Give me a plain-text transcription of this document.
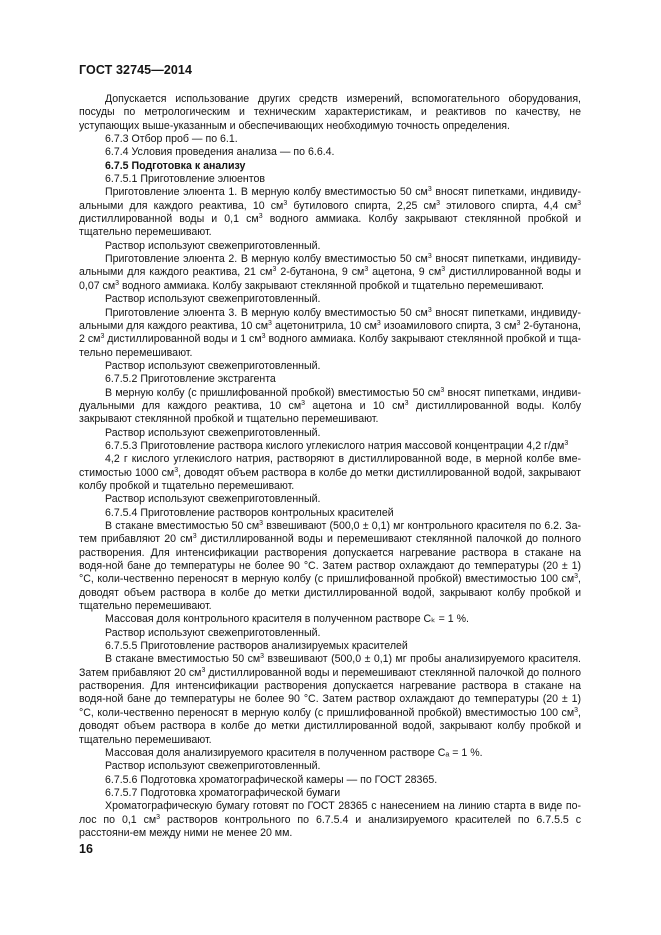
ГОСТ 32745—2014

Допускается использование других средств измерений, вспомогательного оборудования, посуды по метрологическим и техническим характеристикам, и реактивов по качеству, не уступающих выше-указанным и обеспечивающих необходимую точность определения.

6.7.3 Отбор проб — по 6.1.

6.7.4 Условия проведения анализа — по 6.6.4.

6.7.5 Подготовка к анализу

6.7.5.1 Приготовление элюентов

Приготовление элюента 1. В мерную колбу вместимостью 50 $см^3$ вносят пипетками, индивиду-альными для каждого реактива, 10 $см^3$ бутилового спирта, 2,25 $см^3$ этилового спирта, 4,4 $см^3$ дистиллированной воды и 0,1 $см^3$ водного аммиака. Колбу закрывают стеклянной пробкой и тщательно перемешивают.

Раствор используют свежеприготовленный.

Приготовление элюента 2. В мерную колбу вместимостью 50 $см^3$ вносят пипетками, индивиду-альными для каждого реактива, 21 $см^3$ 2-бутанона, 9 $см^3$ ацетона, 9 $см^3$ дистиллированной воды и 0,07 $см^3$ водного аммиака. Колбу закрывают стеклянной пробкой и тщательно перемешивают.

Раствор используют свежеприготовленный.

Приготовление элюента 3. В мерную колбу вместимостью 50 $см^3$ вносят пипетками, индивиду-альными для каждого реактива, 10 $см^3$ ацетонитрила, 10 $см^3$ изоамилового спирта, 3 $см^3$ 2-бутанона, 2 $см^3$ дистиллированной воды и 1 $см^3$ водного аммиака. Колбу закрывают стеклянной пробкой и тща-тельно перемешивают.

Раствор используют свежеприготовленный.

6.7.5.2 Приготовление экстрагента

В мерную колбу (с пришлифованной пробкой) вместимостью 50 $см^3$ вносят пипетками, индиви-дуальными для каждого реактива, 10 $см^3$ ацетона и 10 $см^3$ дистиллированной воды. Колбу закрывают стеклянной пробкой и тщательно перемешивают.

Раствор используют свежеприготовленный.

6.7.5.3 Приготовление раствора кислого углекислого натрия массовой концентрации 4,2 $г/дм^3$

4,2 г кислого углекислого натрия, растворяют в дистиллированной воде, в мерной колбе вме-стимостью 1000 $см^3$, доводят объем раствора в колбе до метки дистиллированной водой, закрывают колбу пробкой и тщательно перемешивают.

Раствор используют свежеприготовленный.

6.7.5.4 Приготовление растворов контрольных красителей

В стакане вместимостью 50 $см^3$ взвешивают (500,0 ± 0,1) мг контрольного красителя по 6.2. За-тем прибавляют 20 $см^3$ дистиллированной воды и перемешивают стеклянной палочкой до полного растворения. Для интенсификации растворения допускается нагревание раствора в стакане на водя-ной бане до температуры не более 90 °С. Затем раствор охлаждают до температуры (20 ± 1) °С, коли-чественно переносят в мерную колбу (с пришлифованной пробкой) вместимостью 100 $см^3$, доводят объем раствора в колбе до метки дистиллированной водой, закрывают колбу пробкой и тщательно перемешивают.

Массовая доля контрольного красителя в полученном растворе Cₖ = 1 %.

Раствор используют свежеприготовленный.

6.7.5.5 Приготовление растворов анализируемых красителей

В стакане вместимостью 50 $см^3$ взвешивают (500,0 ± 0,1) мг пробы анализируемого красителя. Затем прибавляют 20 $см^3$ дистиллированной воды и перемешивают стеклянной палочкой до полного растворения. Для интенсификации растворения допускается нагревание раствора в стакане на водя-ной бане до температуры не более 90 °С. Затем раствор охлаждают до температуры (20 ± 1) °С, коли-чественно переносят в мерную колбу (с пришлифованной пробкой) вместимостью 100 $см^3$, доводят объем раствора в колбе до метки дистиллированной водой, закрывают колбу пробкой и тщательно перемешивают.

Массовая доля анализируемого красителя в полученном растворе Cₐ = 1 %.

Раствор используют свежеприготовленный.

6.7.5.6 Подготовка хроматографической камеры — по ГОСТ 28365.

6.7.5.7 Подготовка хроматографической бумаги

Хроматографическую бумагу готовят по ГОСТ 28365 с нанесением на линию старта в виде по-лос по 0,1 $см^3$ растворов контрольного по 6.7.5.4 и анализируемого красителей по 6.7.5.5 с расстояни-ем между ними не менее 20 мм.

16
